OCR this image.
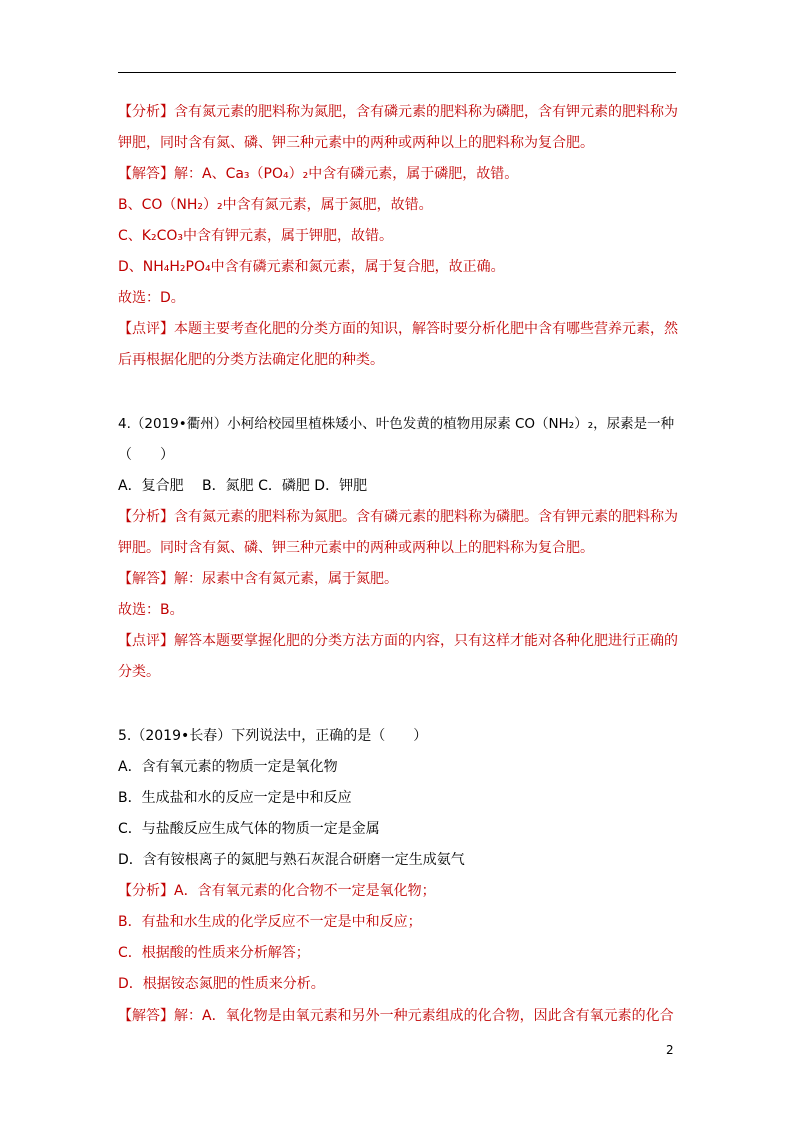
【分析】含有氮元素的肥料称为氮肥，含有磷元素的肥料称为磷肥，含有钾元素的肥料称为
钾肥，同时含有氮、磷、钾三种元素中的两种或两种以上的肥料称为复合肥。
【解答】解：A、Ca₃（PO₄）₂中含有磷元素，属于磷肥，故错。
B、CO（NH₂）₂中含有氮元素，属于氮肥，故错。
C、K₂CO₃中含有钾元素，属于钾肥，故错。
D、NH₄H₂PO₄中含有磷元素和氮元素，属于复合肥，故正确。
故选：D。
【点评】本题主要考查化肥的分类方面的知识，解答时要分析化肥中含有哪些营养元素，然
后再根据化肥的分类方法确定化肥的种类。
4.（2019•衢州）小柯给校园里植株矮小、叶色发黄的植物用尿素 CO（NH₂）₂，尿素是一种
（　　）
A．复合肥　 B．氮肥 C．磷肥 D．钾肥
【分析】含有氮元素的肥料称为氮肥。含有磷元素的肥料称为磷肥。含有钾元素的肥料称为
钾肥。同时含有氮、磷、钾三种元素中的两种或两种以上的肥料称为复合肥。
【解答】解：尿素中含有氮元素，属于氮肥。
故选：B。
【点评】解答本题要掌握化肥的分类方法方面的内容，只有这样才能对各种化肥进行正确的
分类。
5.（2019•长春）下列说法中，正确的是（　　）
A．含有氧元素的物质一定是氧化物
B．生成盐和水的反应一定是中和反应
C．与盐酸反应生成气体的物质一定是金属
D．含有铵根离子的氮肥与熟石灰混合研磨一定生成氨气
【分析】A．含有氧元素的化合物不一定是氧化物；
B．有盐和水生成的化学反应不一定是中和反应；
C．根据酸的性质来分析解答；
D．根据铵态氮肥的性质来分析。
【解答】解：A．氧化物是由氧元素和另外一种元素组成的化合物，因此含有氧元素的化合
2
